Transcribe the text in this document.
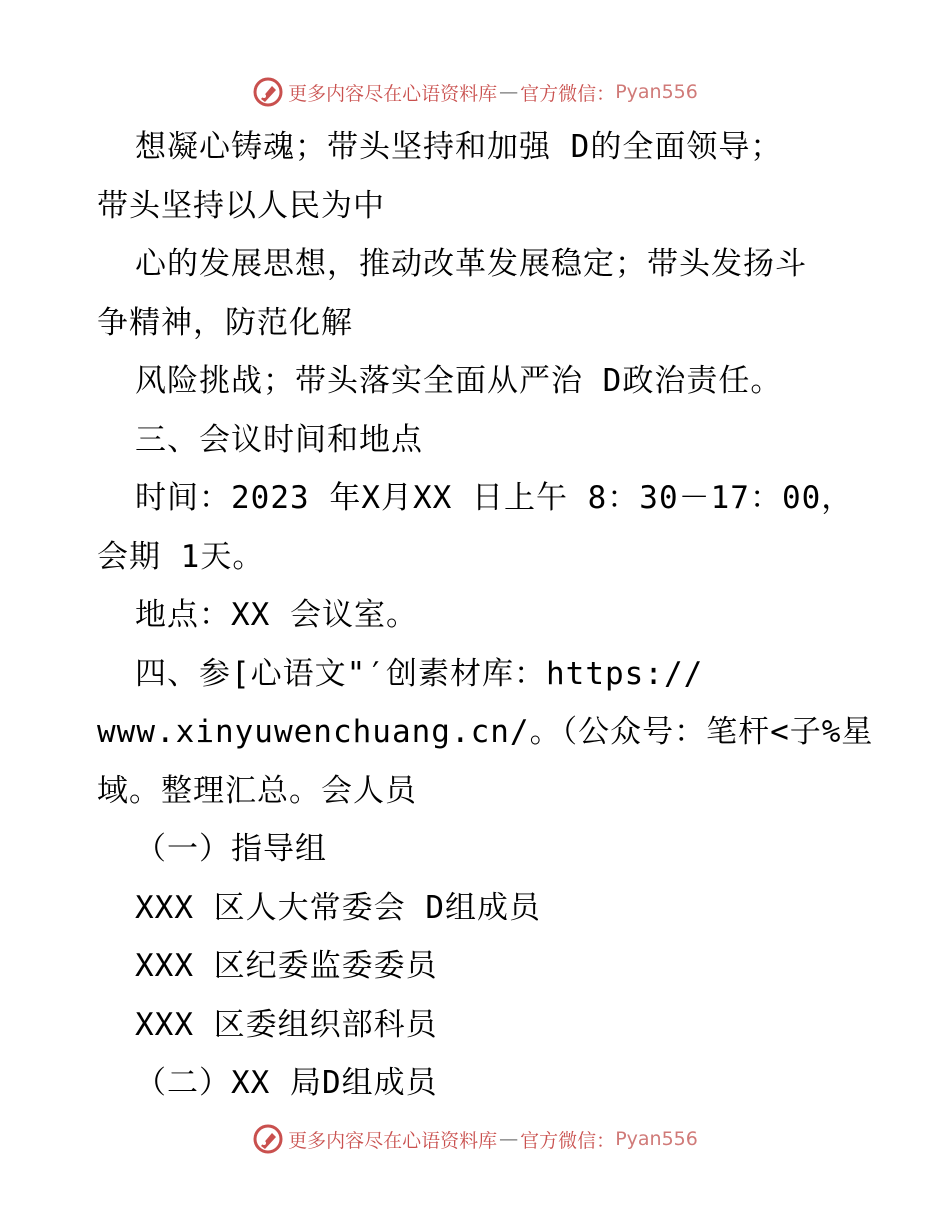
更多内容尽在心语资料库 — 官方微信： Pyan556
想凝心铸魂；带头坚持和加强 D的全面领导；
带头坚持以人民为中
心的发展思想，推动改革发展稳定；带头发扬斗
争精神，防范化解
风险挑战；带头落实全面从严治 D政治责任。
三、会议时间和地点
时间：2023 年X月XX 日上午 8：30－17：00，
会期 1天。
地点：XX 会议室。
四、参[心语文"′创素材库：https://
www.xinyuwenchuang.cn/。（公众号：笔杆<子%星
域。整理汇总。会人员
（一）指导组
XXX 区人大常委会 D组成员
XXX 区纪委监委委员
XXX 区委组织部科员
（二）XX 局D组成员
更多内容尽在心语资料库 — 官方微信： Pyan556
